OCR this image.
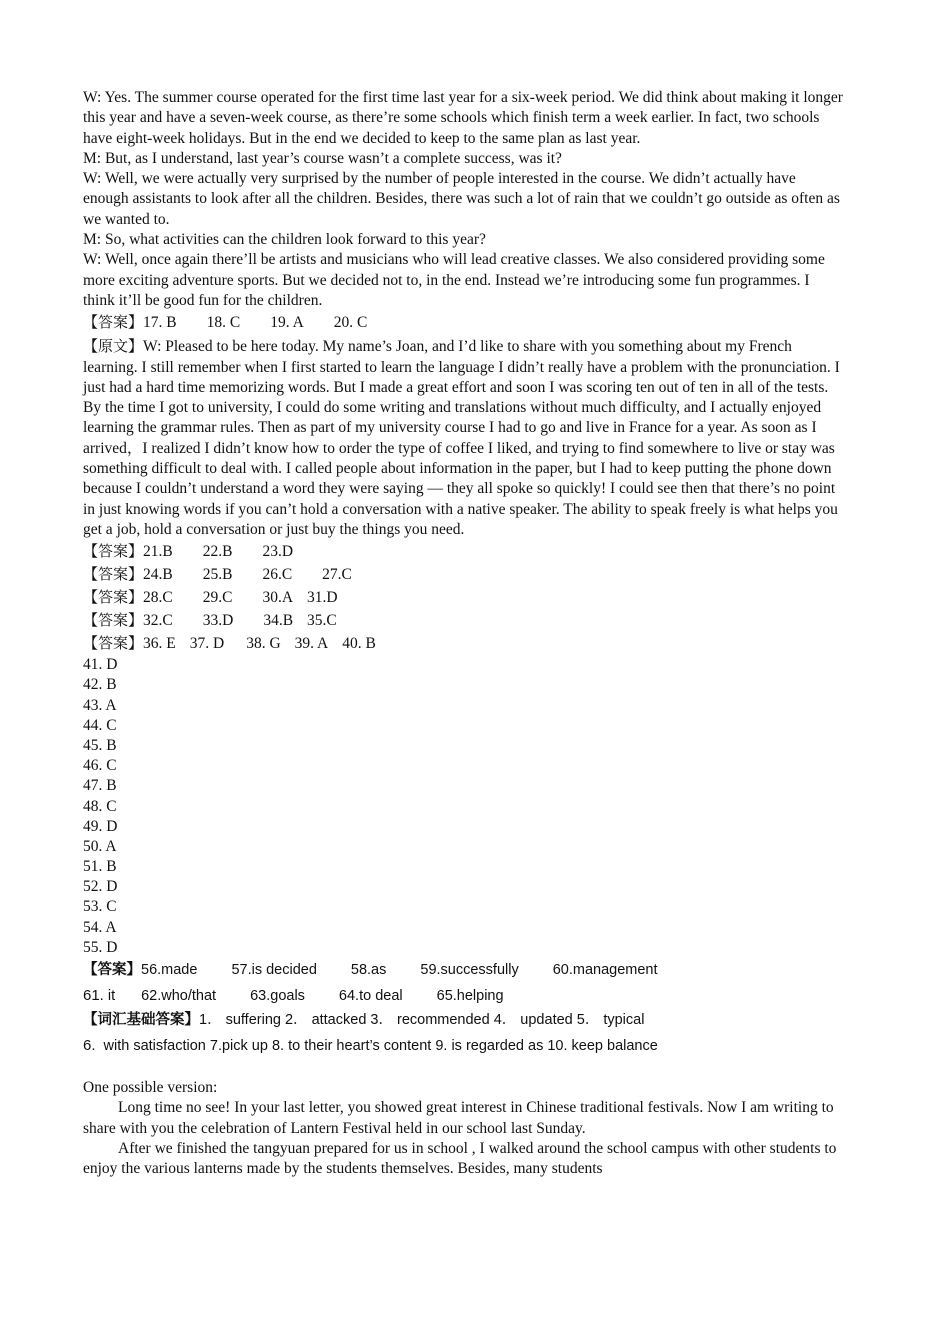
W: Yes. The summer course operated for the first time last year for a six-week period. We did think about making it longer this year and have a seven-week course, as there’re some schools which finish term a week earlier. In fact, two schools have eight-week holidays. But in the end we decided to keep to the same plan as last year.

M: But, as I understand, last year’s course wasn’t a complete success, was it?

W: Well, we were actually very surprised by the number of people interested in the course. We didn’t actually have enough assistants to look after all the children. Besides, there was such a lot of rain that we couldn’t go outside as often as we wanted to.

M: So, what activities can the children look forward to this year?

W: Well, once again there’ll be artists and musicians who will lead creative classes. We also considered providing some more exciting adventure sports. But we decided not to, in the end. Instead we’re introducing some fun programmes. I think it’ll be good fun for the children.

【答案】17. B 18. C 19. A 20. C

【原文】W: Pleased to be here today. My name’s Joan, and I’d like to share with you something about my French learning. I still remember when I first started to learn the language I didn’t really have a problem with the pronunciation. I just had a hard time memorizing words. But I made a great effort and soon I was scoring ten out of ten in all of the tests. By the time I got to university, I could do some writing and translations without much difficulty, and I actually enjoyed learning the grammar rules. Then as part of my university course I had to go and live in France for a year. As soon as I arrived，I realized I didn’t know how to order the type of coffee I liked, and trying to find somewhere to live or stay was something difficult to deal with. I called people about information in the paper, but I had to keep putting the phone down because I couldn’t understand a word they were saying — they all spoke so quickly! I could see then that there’s no point in just knowing words if you can’t hold a conversation with a native speaker. The ability to speak freely is what helps you get a job, hold a conversation or just buy the things you need.

【答案】21.B 22.B 23.D

【答案】24.B 25.B 26.C 27.C

【答案】28.C 29.C 30.A 31.D

【答案】32.C 33.D 34.B 35.C

【答案】36. E 37. D 38. G 39. A 40. B

41. D
42. B
43. A
44. C
45. B
46. C
47. B
48. C
49. D
50. A
51. B
52. D
53. C
54. A
55. D

【答案】56.made 57.is decided 58.as 59.successfully 60.management

61. it 62.who/that 63.goals 64.to deal 65.helping

【词汇基础答案】1． suffering 2． attacked 3． recommended 4． updated 5． typical

6. with satisfaction 7.pick up 8. to their heart’s content 9. is regarded as 10. keep balance

One possible version:

Long time no see! In your last letter, you showed great interest in Chinese traditional festivals. Now I am writing to share with you the celebration of Lantern Festival held in our school last Sunday.

After we finished the tangyuan prepared for us in school , I walked around the school campus with other students to enjoy the various lanterns made by the students themselves. Besides, many students
